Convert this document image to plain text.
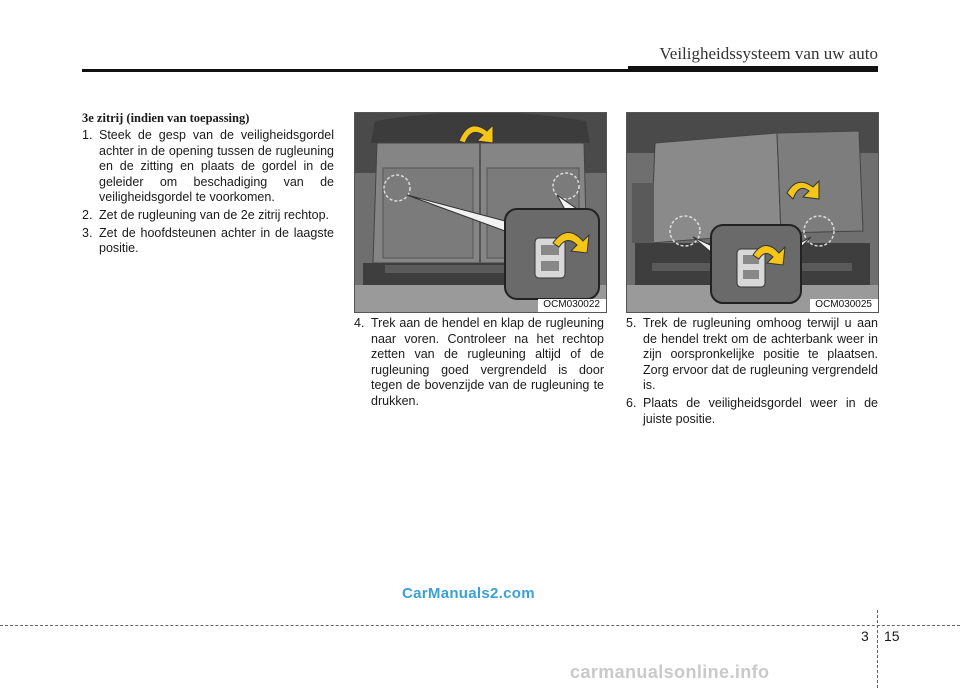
Veiligheidssysteem van uw auto
3e zitrij (indien van toepassing)

1. Steek de gesp van de veiligheidsgordel achter in de opening tussen de rugleuning en de zitting en plaats de gordel in de geleider om beschadiging van de veiligheidsgordel te voorkomen.

2. Zet de rugleuning van de 2e zitrij rechtop.

3. Zet de hoofdsteunen achter in de laagste positie.

OCM030022	OCM030025

4. Trek aan de hendel en klap de rugleuning naar voren. Controleer na het rechtop zetten van de rugleuning altijd of de rugleuning goed vergrendeld is door tegen de bovenzijde van de rugleuning te drukken.

5. Trek de rugleuning omhoog terwijl u aan de hendel trekt om de achterbank weer in zijn oorspronkelijke positie te plaatsen. Zorg ervoor dat de rugleuning vergrendeld is.

6. Plaats de veiligheidsgordel weer in de juiste positie.

CarManuals2.com
3 15
carmanualsonline.info
